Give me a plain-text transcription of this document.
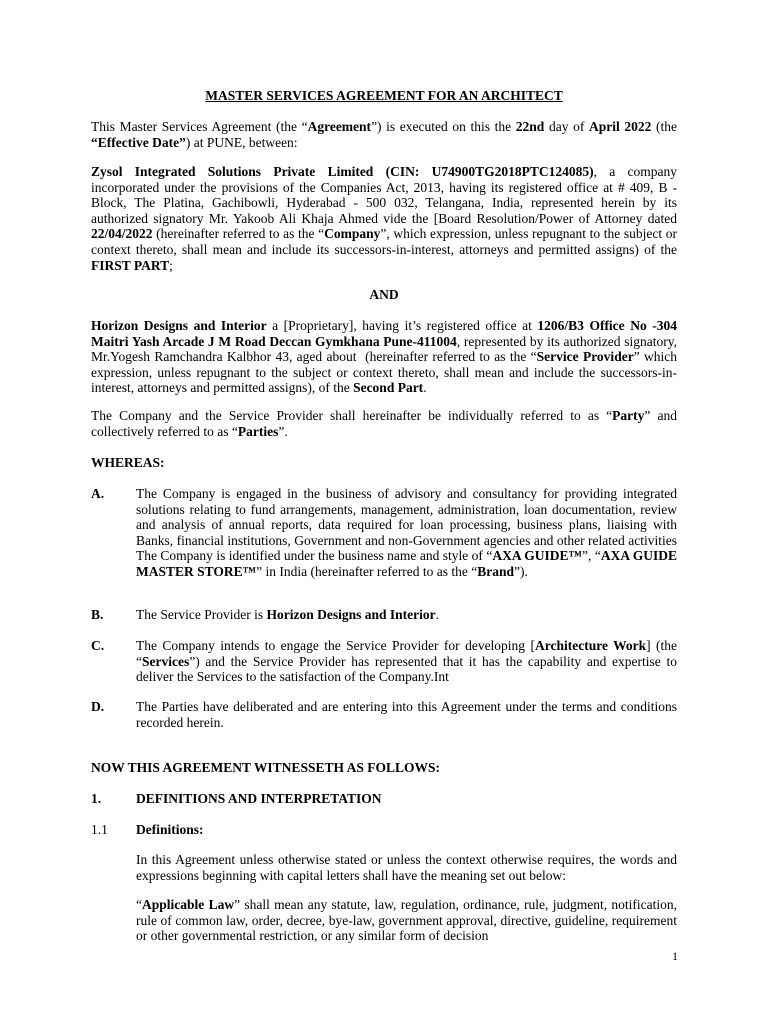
MASTER SERVICES AGREEMENT FOR AN ARCHITECT
This Master Services Agreement (the “Agreement”) is executed on this the 22nd day of April 2022 (the “Effective Date”) at PUNE, between:
Zysol Integrated Solutions Private Limited (CIN: U74900TG2018PTC124085), a company incorporated under the provisions of the Companies Act, 2013, having its registered office at # 409, B - Block, The Platina, Gachibowli, Hyderabad - 500 032, Telangana, India, represented herein by its authorized signatory Mr. Yakoob Ali Khaja Ahmed vide the [Board Resolution/Power of Attorney dated 22/04/2022 (hereinafter referred to as the “Company”, which expression, unless repugnant to the subject or context thereto, shall mean and include its successors-in-interest, attorneys and permitted assigns) of the FIRST PART;
AND
Horizon Designs and Interior a [Proprietary], having it’s registered office at 1206/B3 Office No -304 Maitri Yash Arcade J M Road Deccan Gymkhana Pune-411004, represented by its authorized signatory, Mr.Yogesh Ramchandra Kalbhor 43, aged about  (hereinafter referred to as the “Service Provider” which expression, unless repugnant to the subject or context thereto, shall mean and include the successors-in-interest, attorneys and permitted assigns), of the Second Part.
The Company and the Service Provider shall hereinafter be individually referred to as “Party” and collectively referred to as “Parties”.
WHEREAS:
A. The Company is engaged in the business of advisory and consultancy for providing integrated solutions relating to fund arrangements, management, administration, loan documentation, review and analysis of annual reports, data required for loan processing, business plans, liaising with Banks, financial institutions, Government and non-Government agencies and other related activities The Company is identified under the business name and style of “AXA GUIDE™”, “AXA GUIDE MASTER STORE™” in India (hereinafter referred to as the “Brand”).
B. The Service Provider is Horizon Designs and Interior.
C. The Company intends to engage the Service Provider for developing [Architecture Work] (the “Services”) and the Service Provider has represented that it has the capability and expertise to deliver the Services to the satisfaction of the Company.Int
D. The Parties have deliberated and are entering into this Agreement under the terms and conditions recorded herein.
NOW THIS AGREEMENT WITNESSETH AS FOLLOWS:
1.	DEFINITIONS AND INTERPRETATION
1.1 Definitions:
In this Agreement unless otherwise stated or unless the context otherwise requires, the words and expressions beginning with capital letters shall have the meaning set out below:
“Applicable Law” shall mean any statute, law, regulation, ordinance, rule, judgment, notification, rule of common law, order, decree, bye-law, government approval, directive, guideline, requirement or other governmental restriction, or any similar form of decision
1
